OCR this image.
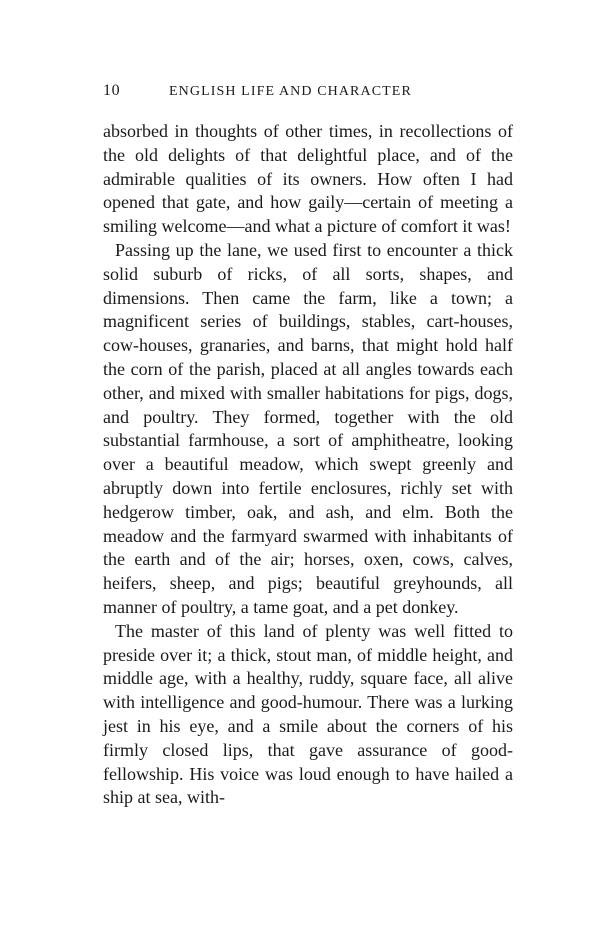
10	ENGLISH LIFE AND CHARACTER

absorbed in thoughts of other times, in recollections of the old delights of that delightful place, and of the admirable qualities of its owners. How often I had opened that gate, and how gaily—certain of meeting a smiling welcome—and what a picture of comfort it was!

Passing up the lane, we used first to encounter a thick solid suburb of ricks, of all sorts, shapes, and dimensions. Then came the farm, like a town; a magnificent series of buildings, stables, cart-houses, cow-houses, granaries, and barns, that might hold half the corn of the parish, placed at all angles towards each other, and mixed with smaller habitations for pigs, dogs, and poultry. They formed, together with the old substantial farmhouse, a sort of amphitheatre, looking over a beautiful meadow, which swept greenly and abruptly down into fertile enclosures, richly set with hedgerow timber, oak, and ash, and elm. Both the meadow and the farmyard swarmed with inhabitants of the earth and of the air; horses, oxen, cows, calves, heifers, sheep, and pigs; beautiful greyhounds, all manner of poultry, a tame goat, and a pet donkey.

The master of this land of plenty was well fitted to preside over it; a thick, stout man, of middle height, and middle age, with a healthy, ruddy, square face, all alive with intelligence and good-humour. There was a lurking jest in his eye, and a smile about the corners of his firmly closed lips, that gave assurance of good-fellowship. His voice was loud enough to have hailed a ship at sea, with-
